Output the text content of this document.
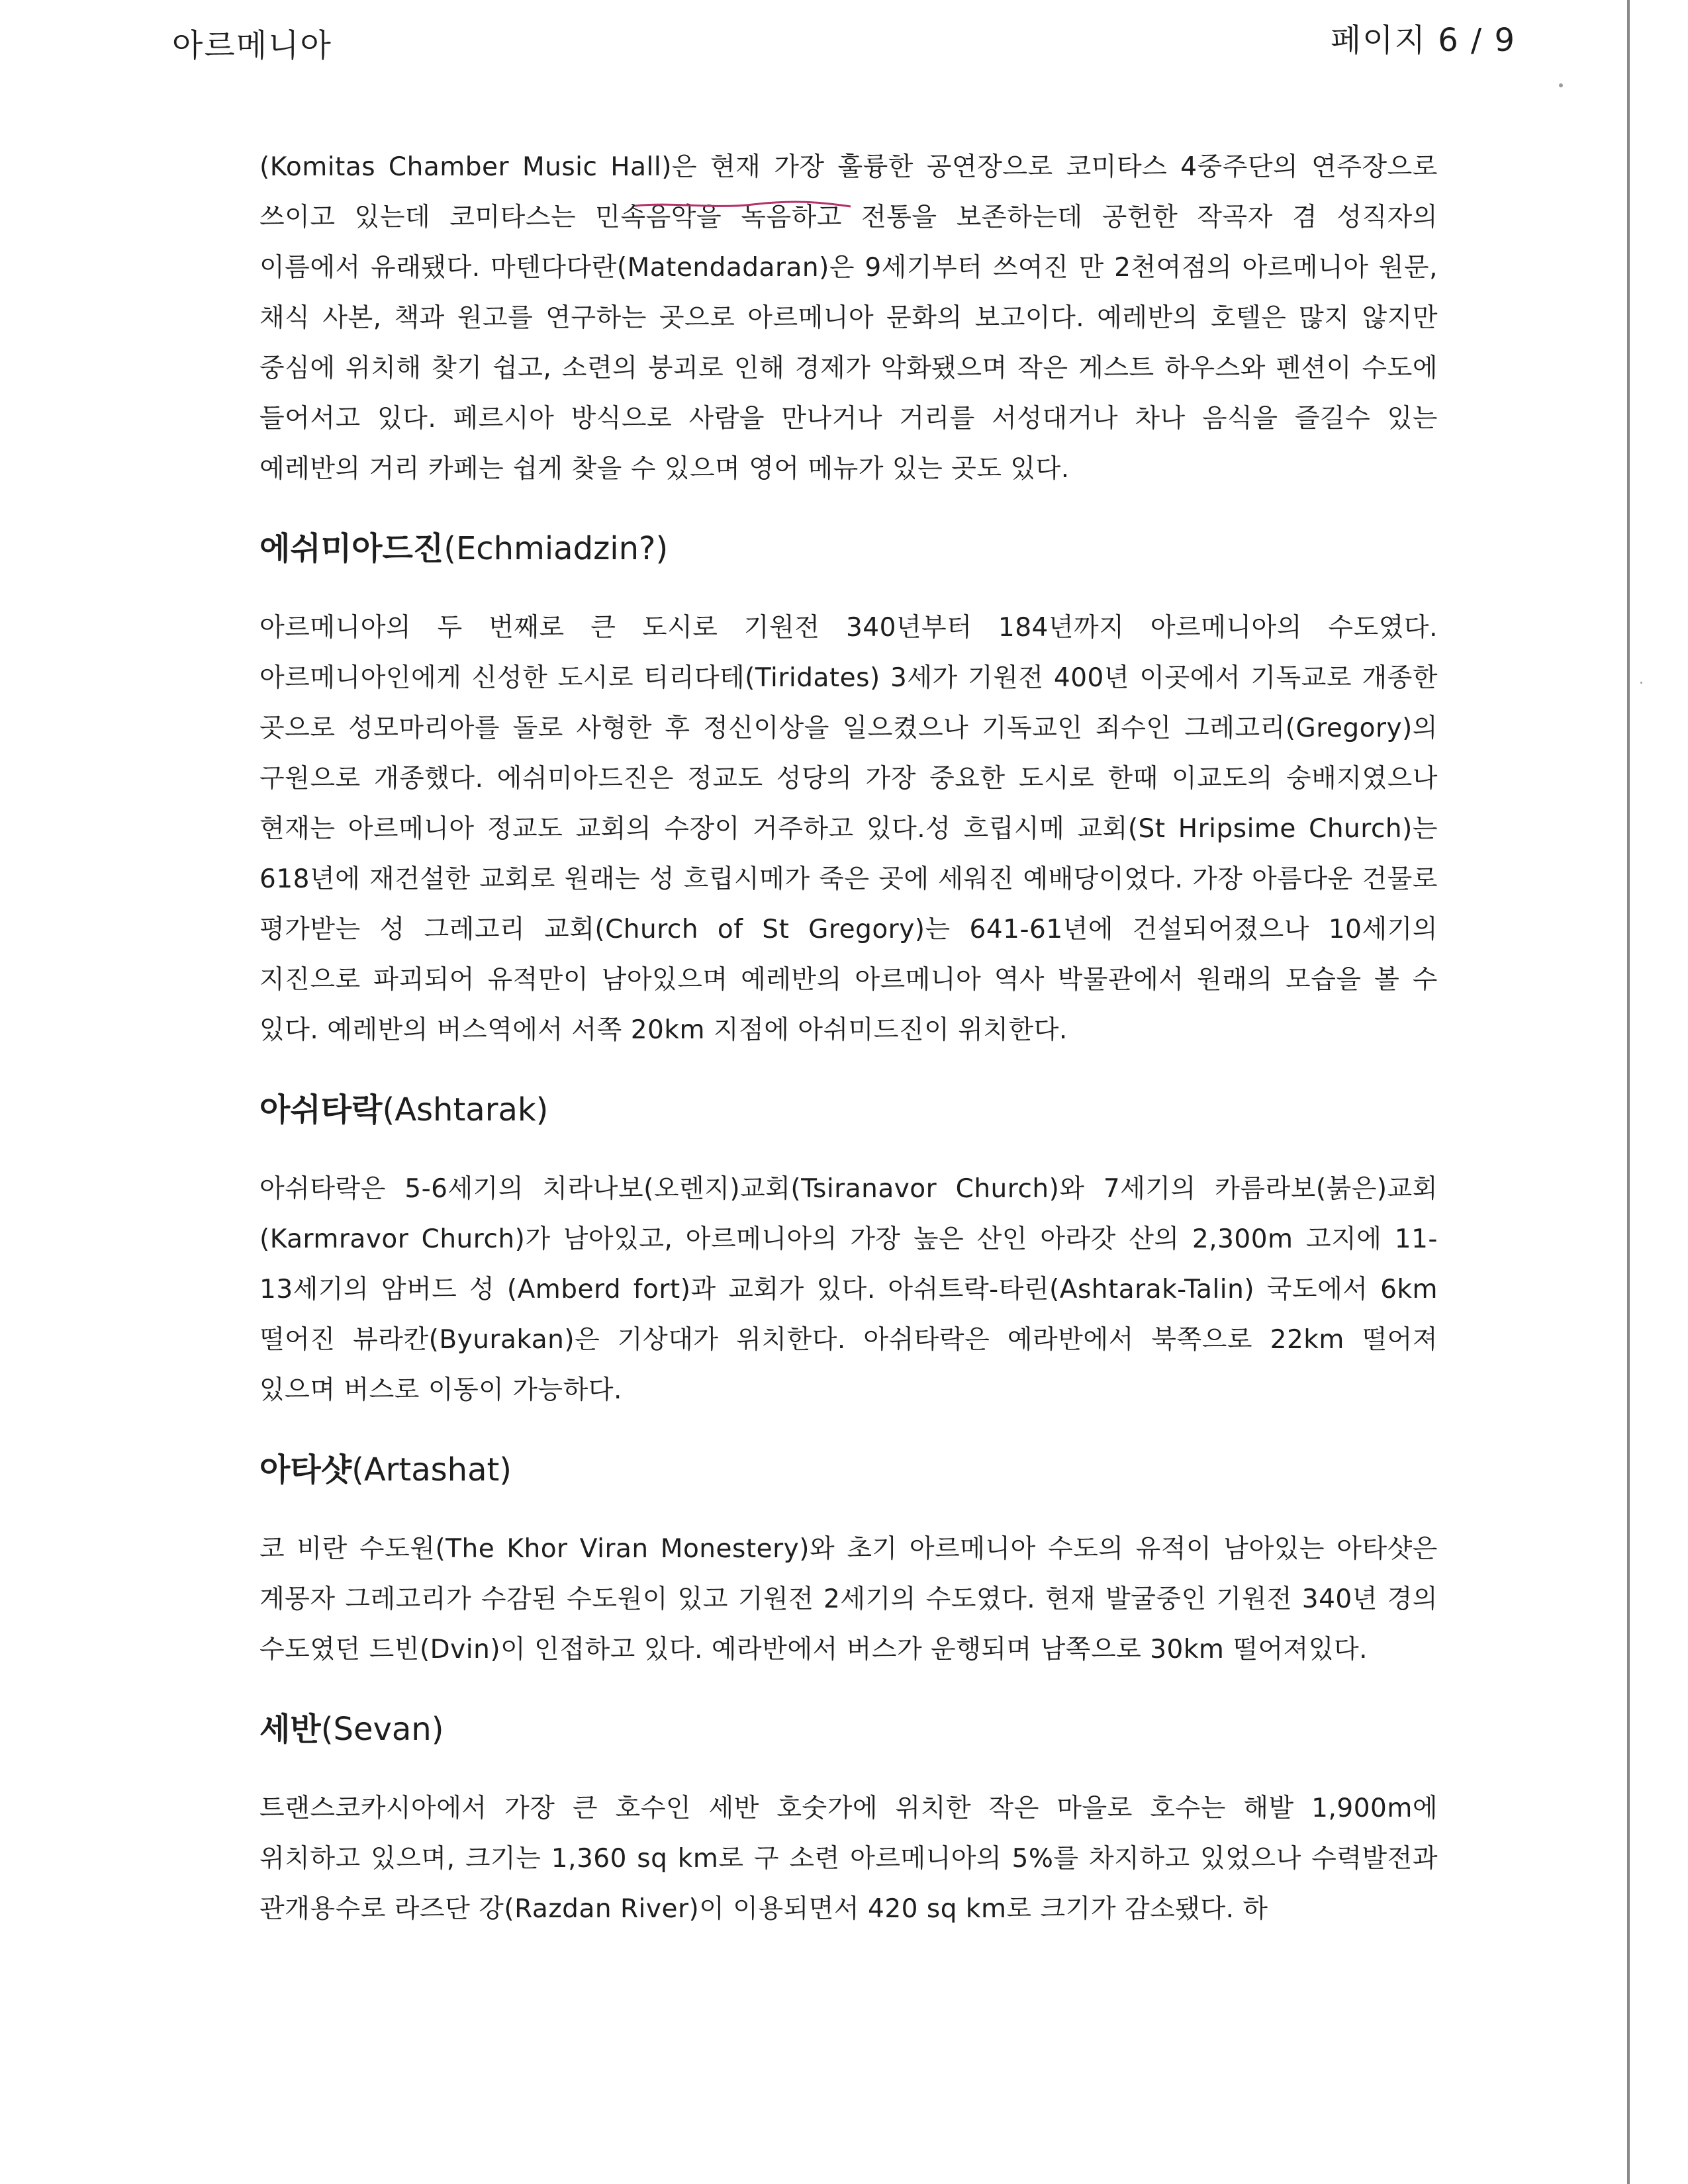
아르메니아	페이지 6 / 9

(Komitas Chamber Music Hall)은 현재 가장 훌륭한 공연장으로 코미타스 4중주단의 연주장으로 쓰이고 있는데 코미타스는 민속음악을 녹음하고 전통을 보존하는데 공헌한 작곡자 겸 성직자의 이름에서 유래됐다. 마텐다다란(Matendadaran)은 9세기부터 쓰여진 만 2천여점의 아르메니아 원문, 채식 사본, 책과 원고를 연구하는 곳으로 아르메니아 문화의 보고이다. 예레반의 호텔은 많지 않지만 중심에 위치해 찾기 쉽고, 소련의 붕괴로 인해 경제가 악화됐으며 작은 게스트 하우스와 펜션이 수도에 들어서고 있다. 페르시아 방식으로 사람을 만나거나 거리를 서성대거나 차나 음식을 즐길수 있는 예레반의 거리 카페는 쉽게 찾을 수 있으며 영어 메뉴가 있는 곳도 있다.

에쉬미아드진(Echmiadzin?)

아르메니아의 두 번째로 큰 도시로 기원전 340년부터 184년까지 아르메니아의 수도였다. 아르메니아인에게 신성한 도시로 티리다테(Tiridates) 3세가 기원전 400년 이곳에서 기독교로 개종한 곳으로 성모마리아를 돌로 사형한 후 정신이상을 일으켰으나 기독교인 죄수인 그레고리(Gregory)의 구원으로 개종했다. 에쉬미아드진은 정교도 성당의 가장 중요한 도시로 한때 이교도의 숭배지였으나 현재는 아르메니아 정교도 교회의 수장이 거주하고 있다.성 흐립시메 교회(St Hripsime Church)는 618년에 재건설한 교회로 원래는 성 흐립시메가 죽은 곳에 세워진 예배당이었다. 가장 아름다운 건물로 평가받는 성 그레고리 교회(Church of St Gregory)는 641-61년에 건설되어졌으나 10세기의 지진으로 파괴되어 유적만이 남아있으며 예레반의 아르메니아 역사 박물관에서 원래의 모습을 볼 수 있다. 예레반의 버스역에서 서쪽 20km 지점에 아쉬미드진이 위치한다.

아쉬타락(Ashtarak)

아쉬타락은 5-6세기의 치라나보(오렌지)교회(Tsiranavor Church)와 7세기의 카름라보(붉은)교회(Karmravor Church)가 남아있고, 아르메니아의 가장 높은 산인 아라갓 산의 2,300m 고지에 11-13세기의 암버드 성 (Amberd fort)과 교회가 있다. 아쉬트락-타린(Ashtarak-Talin) 국도에서 6km 떨어진 뷰라칸(Byurakan)은 기상대가 위치한다. 아쉬타락은 예라반에서 북쪽으로 22km 떨어져 있으며 버스로 이동이 가능하다.

아타샷(Artashat)

코 비란 수도원(The Khor Viran Monestery)와 초기 아르메니아 수도의 유적이 남아있는 아타샷은 계몽자 그레고리가 수감된 수도원이 있고 기원전 2세기의 수도였다. 현재 발굴중인 기원전 340년 경의 수도였던 드빈(Dvin)이 인접하고 있다. 예라반에서 버스가 운행되며 남쪽으로 30km 떨어져있다.

세반(Sevan)

트랜스코카시아에서 가장 큰 호수인 세반 호숫가에 위치한 작은 마을로 호수는 해발 1,900m에 위치하고 있으며, 크기는 1,360 sq km로 구 소련 아르메니아의 5%를 차지하고 있었으나 수력발전과 관개용수로 라즈단 강(Razdan River)이 이용되면서 420 sq km로 크기가 감소됐다. 하
